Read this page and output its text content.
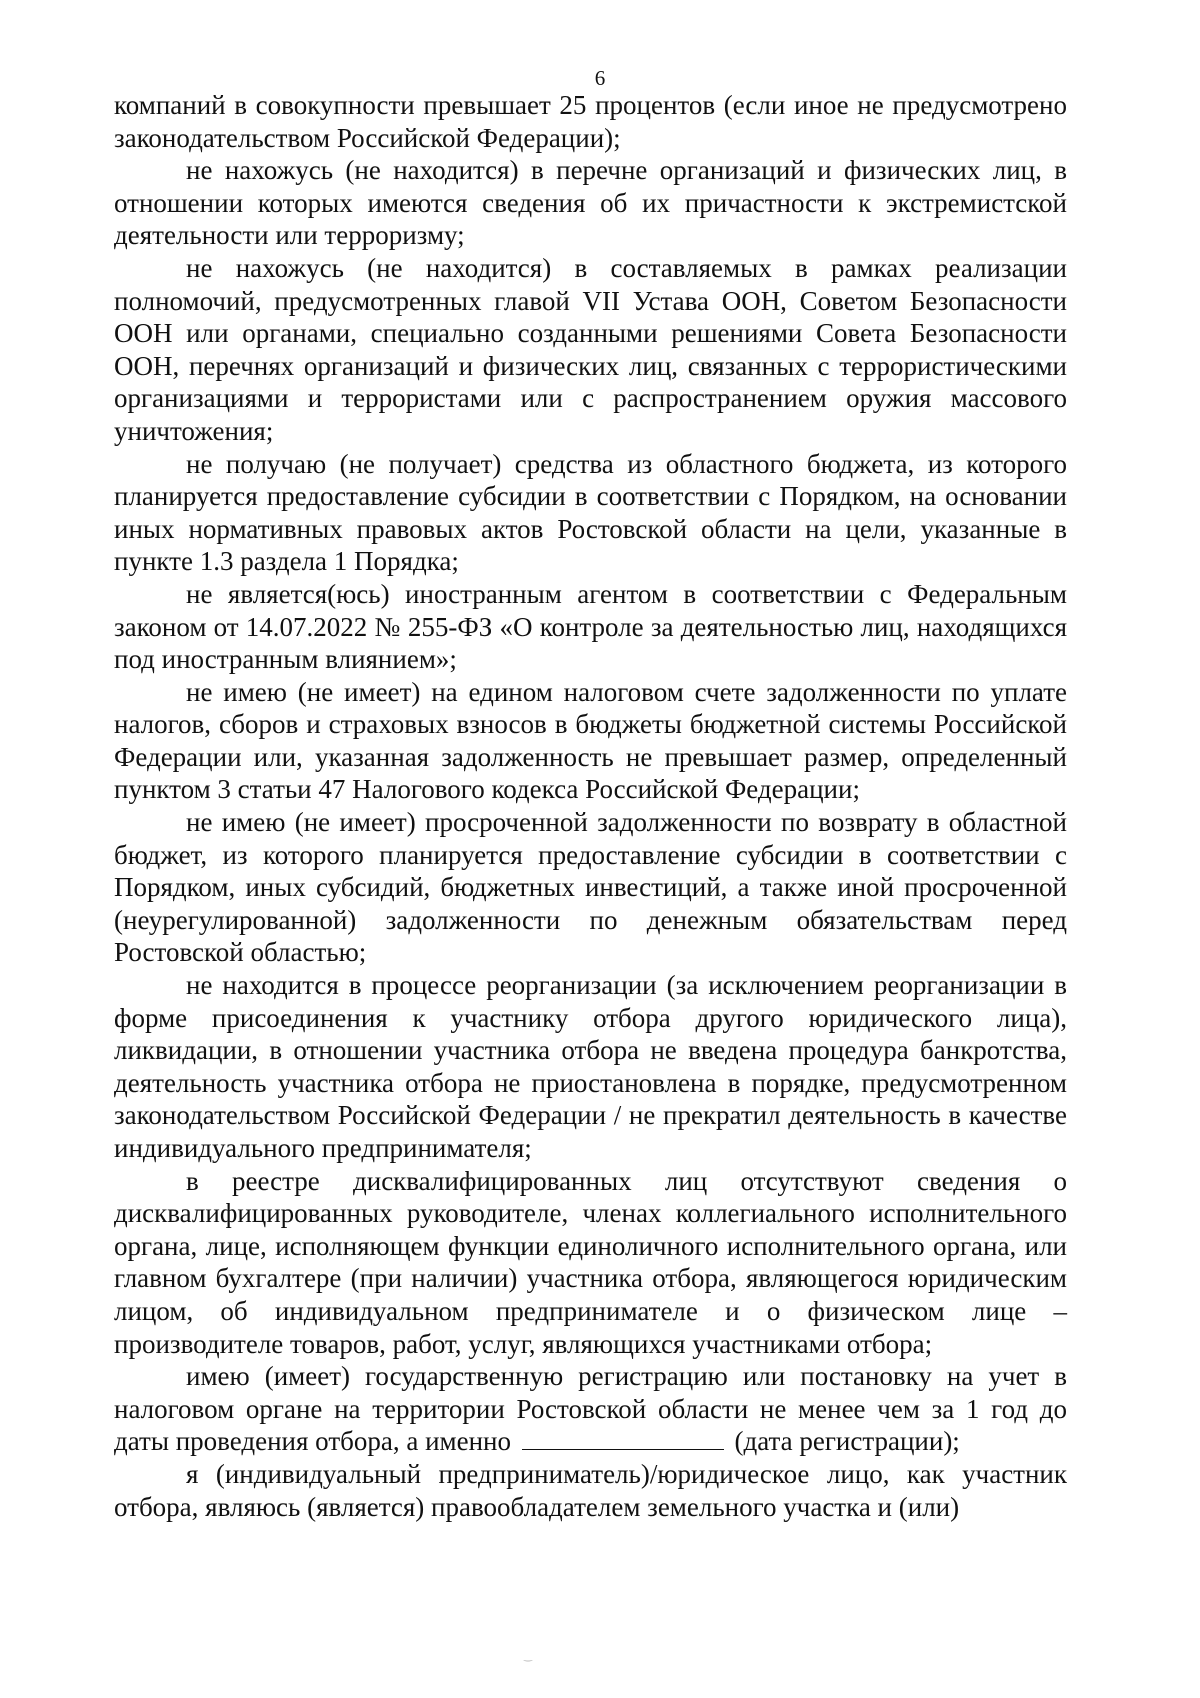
6

компаний в совокупности превышает 25 процентов (если иное не предусмотрено законодательством Российской Федерации);

не нахожусь (не находится) в перечне организаций и физических лиц, в отношении которых имеются сведения об их причастности к экстремистской деятельности или терроризму;

не нахожусь (не находится) в составляемых в рамках реализации полномочий, предусмотренных главой VII Устава ООН, Советом Безопасности ООН или органами, специально созданными решениями Совета Безопасности ООН, перечнях организаций и физических лиц, связанных с террористическими организациями и террористами или с распространением оружия массового уничтожения;

не получаю (не получает) средства из областного бюджета, из которого планируется предоставление субсидии в соответствии с Порядком, на основании иных нормативных правовых актов Ростовской области на цели, указанные в пункте 1.3 раздела 1 Порядка;

не является(юсь) иностранным агентом в соответствии с Федеральным законом от 14.07.2022 № 255-ФЗ «О контроле за деятельностью лиц, находящихся под иностранным влиянием»;

не имею (не имеет) на едином налоговом счете задолженности по уплате налогов, сборов и страховых взносов в бюджеты бюджетной системы Российской Федерации или, указанная задолженность не превышает размер, определенный пунктом 3 статьи 47 Налогового кодекса Российской Федерации;

не имею (не имеет) просроченной задолженности по возврату в областной бюджет, из которого планируется предоставление субсидии в соответствии с Порядком, иных субсидий, бюджетных инвестиций, а также иной просроченной (неурегулированной) задолженности по денежным обязательствам перед Ростовской областью;

не находится в процессе реорганизации (за исключением реорганизации в форме присоединения к участнику отбора другого юридического лица), ликвидации, в отношении участника отбора не введена процедура банкротства, деятельность участника отбора не приостановлена в порядке, предусмотренном законодательством Российской Федерации / не прекратил деятельность в качестве индивидуального предпринимателя;

в реестре дисквалифицированных лиц отсутствуют сведения о дисквалифицированных руководителе, членах коллегиального исполнительного органа, лице, исполняющем функции единоличного исполнительного органа, или главном бухгалтере (при наличии) участника отбора, являющегося юридическим лицом, об индивидуальном предпринимателе и о физическом лице – производителе товаров, работ, услуг, являющихся участниками отбора;

имею (имеет) государственную регистрацию или постановку на учет в налоговом органе на территории Ростовской области не менее чем за 1 год до даты проведения отбора, а именно	(дата регистрации);

я (индивидуальный предприниматель)/юридическое лицо, как участник отбора, являюсь (является) правообладателем земельного участка и (или)

‿
